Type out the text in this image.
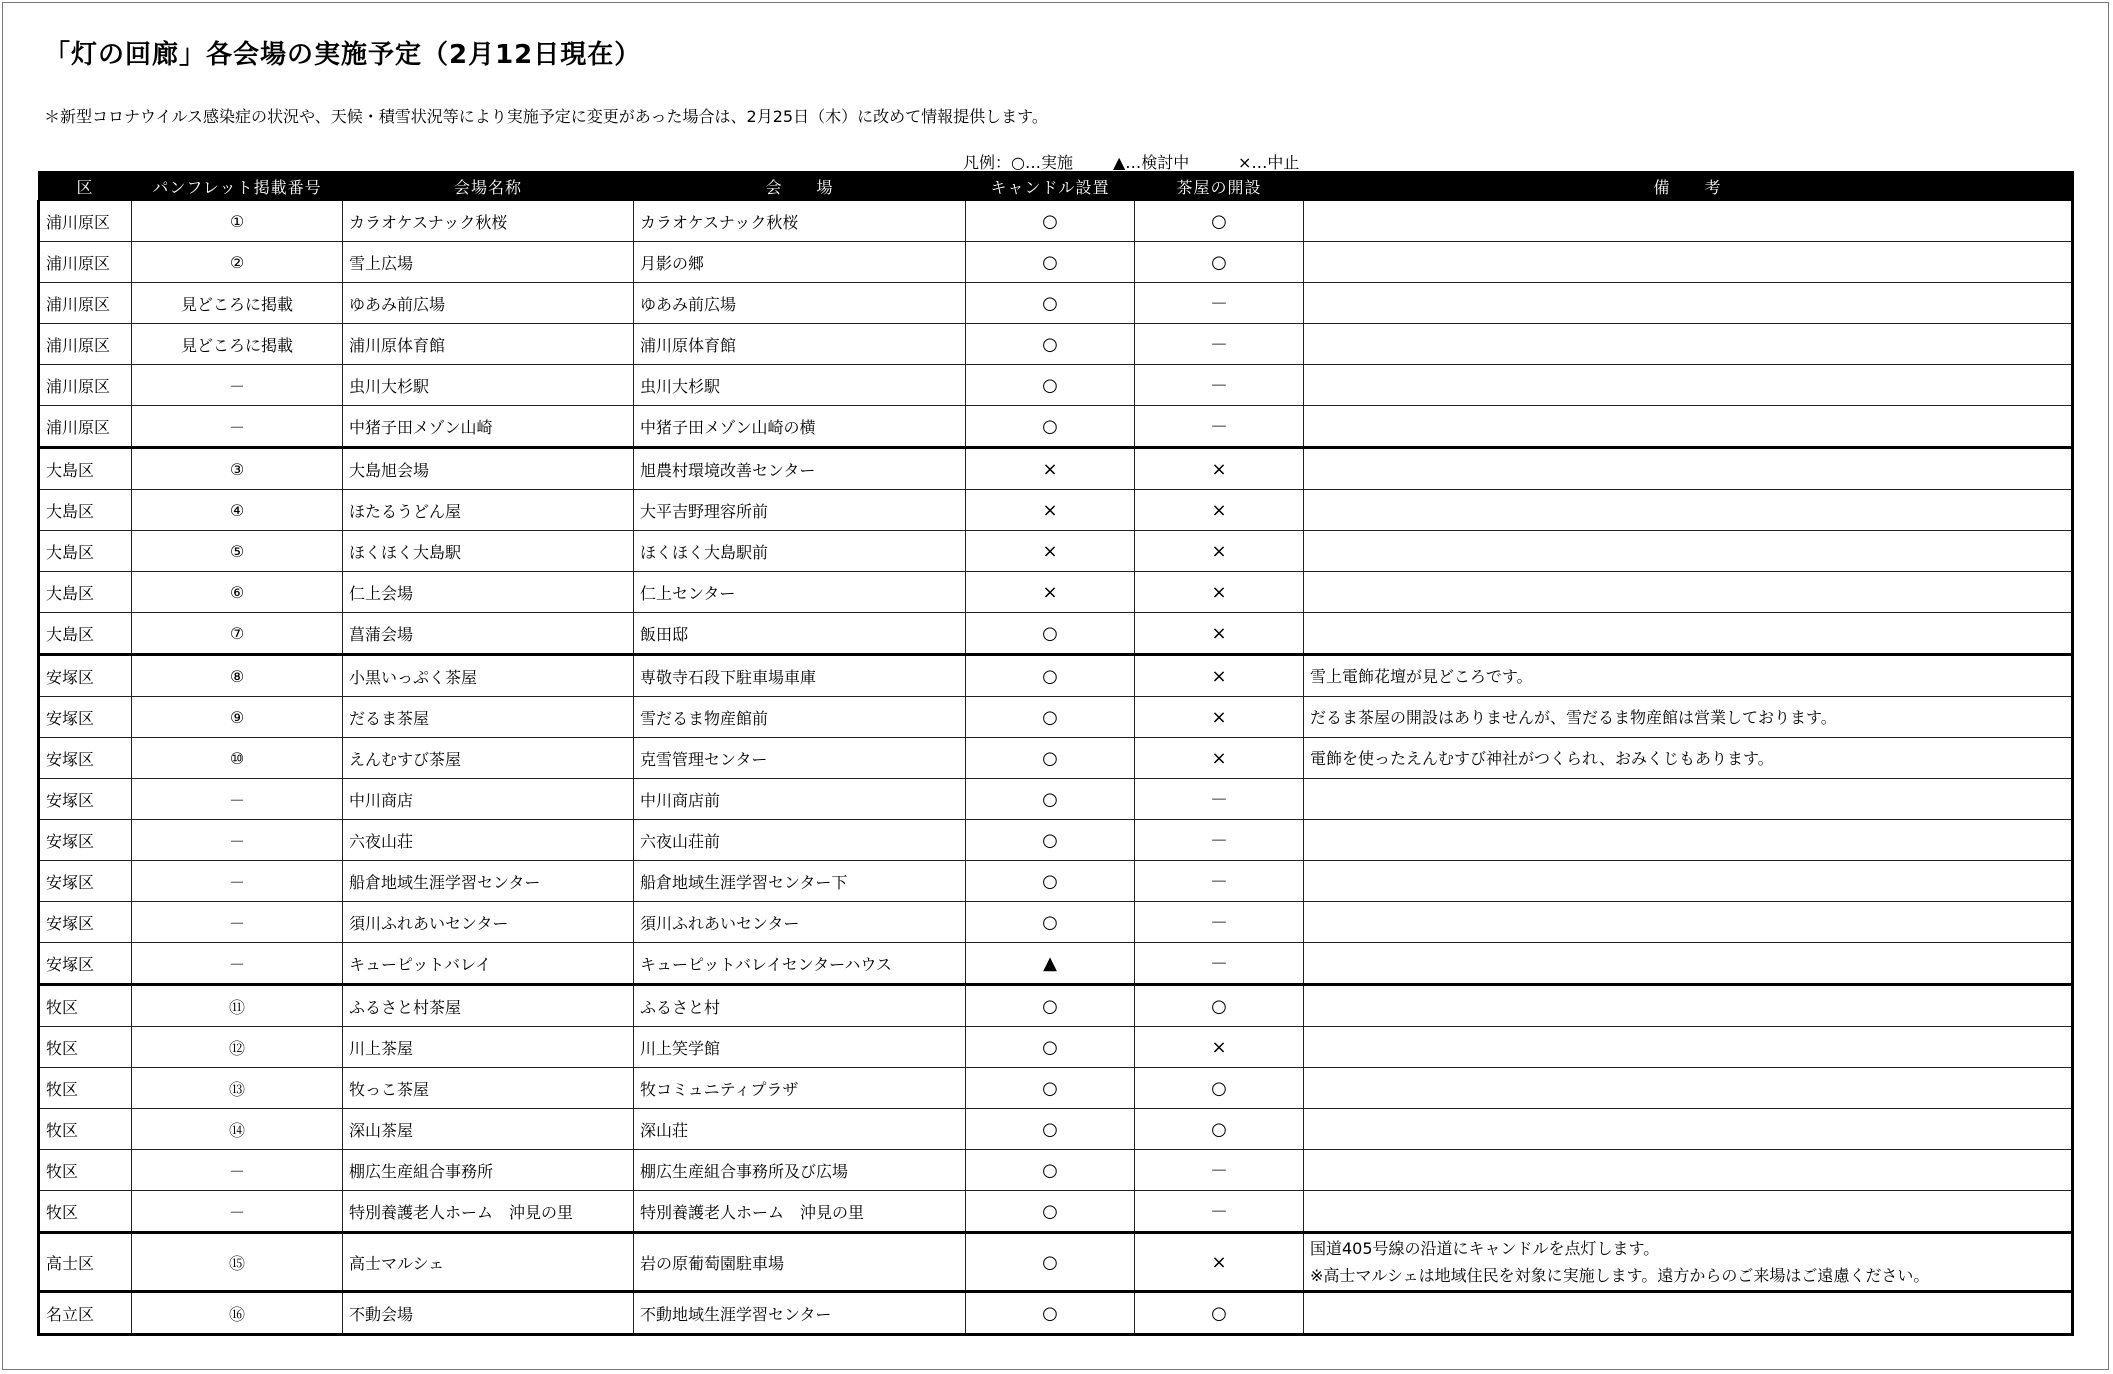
「灯の回廊」各会場の実施予定（2月12日現在）
＊新型コロナウイルス感染症の状況や、天候・積雪状況等により実施予定に変更があった場合は、2月25日（木）に改めて情報提供します。
凡例：○…実施	▲…検討中	×…中止
区	パンフレット掲載番号	会場名称	会　　場	キャンドル設置	茶屋の開設	備　　考
浦川原区	①	カラオケスナック秋桜	カラオケスナック秋桜	○	○	
浦川原区	②	雪上広場	月影の郷	○	○	
浦川原区	見どころに掲載	ゆあみ前広場	ゆあみ前広場	○	－	
浦川原区	見どころに掲載	浦川原体育館	浦川原体育館	○	－	
浦川原区	－	虫川大杉駅	虫川大杉駅	○	－	
浦川原区	－	中猪子田メゾン山崎	中猪子田メゾン山崎の横	○	－	
大島区	③	大島旭会場	旭農村環境改善センター	×	×	
大島区	④	ほたるうどん屋	大平吉野理容所前	×	×	
大島区	⑤	ほくほく大島駅	ほくほく大島駅前	×	×	
大島区	⑥	仁上会場	仁上センター	×	×	
大島区	⑦	菖蒲会場	飯田邸	○	×	
安塚区	⑧	小黒いっぷく茶屋	専敬寺石段下駐車場車庫	○	×	雪上電飾花壇が見どころです。

安塚区	⑨	だるま茶屋	雪だるま物産館前	○	×	だるま茶屋の開設はありませんが、雪だるま物産館は営業しております。

安塚区	⑩	えんむすび茶屋	克雪管理センター	○	×	電飾を使ったえんむすび神社がつくられ、おみくじもあります。

安塚区	－	中川商店	中川商店前	○	－	
安塚区	－	六夜山荘	六夜山荘前	○	－	
安塚区	－	船倉地域生涯学習センター	船倉地域生涯学習センター下	○	－	
安塚区	－	須川ふれあいセンター	須川ふれあいセンター	○	－	
安塚区	－	キューピットバレイ	キューピットバレイセンターハウス	▲	－	
牧区	⑪	ふるさと村茶屋	ふるさと村	○	○	
牧区	⑫	川上茶屋	川上笑学館	○	×	
牧区	⑬	牧っこ茶屋	牧コミュニティプラザ	○	○	
牧区	⑭	深山茶屋	深山荘	○	○	
牧区	－	棚広生産組合事務所	棚広生産組合事務所及び広場	○	－	
牧区	－	特別養護老人ホーム　沖見の里	特別養護老人ホーム　沖見の里	○	－	
高士区	⑮	高士マルシェ	岩の原葡萄園駐車場	○	×	国道405号線の沿道にキャンドルを点灯します。
※高士マルシェは地域住民を対象に実施します。遠方からのご来場はご遠慮ください。

名立区	⑯	不動会場	不動地域生涯学習センター	○	○	
